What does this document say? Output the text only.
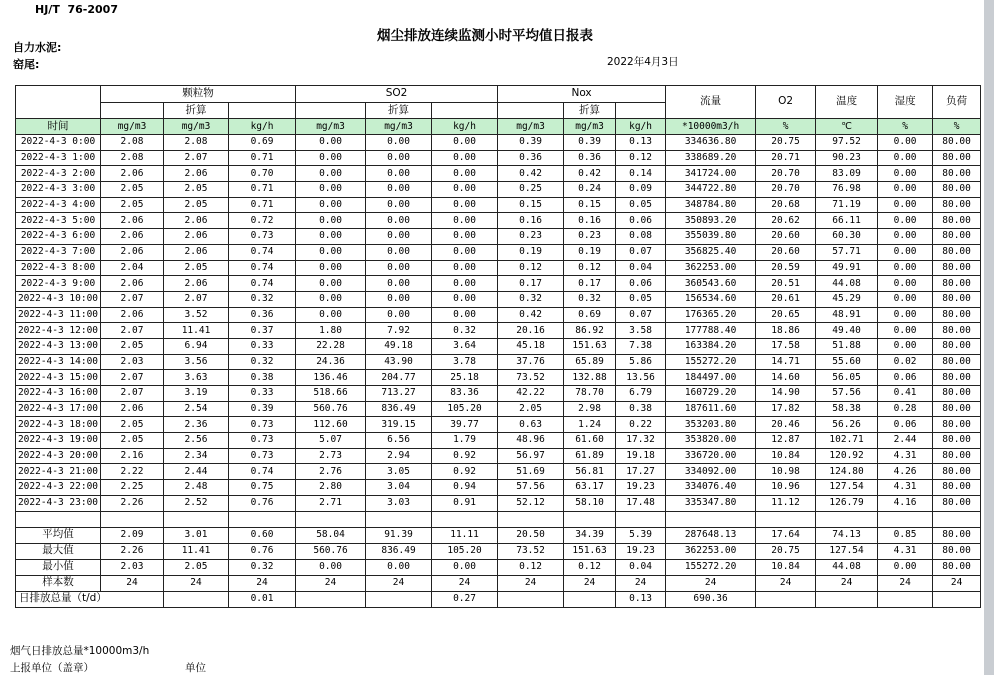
HJ/T  76-2007
烟尘排放连续监测小时平均值日报表
自力水泥:
窑尾:	2022年4月3日
	颗粒物			SO2			Nox			流量	O2	温度	湿度	负荷
		折算			折算			折算						
时间	mg/m3	mg/m3	kg/h	mg/m3	mg/m3	kg/h	mg/m3	mg/m3	kg/h	*10000m3/h	%	℃	%	%
2022-4-3 0:00	2.08	2.08	0.69	0.00	0.00	0.00	0.39	0.39	0.13	334636.80	20.75	97.52	0.00	80.00
2022-4-3 1:00	2.08	2.07	0.71	0.00	0.00	0.00	0.36	0.36	0.12	338689.20	20.71	90.23	0.00	80.00
2022-4-3 2:00	2.06	2.06	0.70	0.00	0.00	0.00	0.42	0.42	0.14	341724.00	20.70	83.09	0.00	80.00
2022-4-3 3:00	2.05	2.05	0.71	0.00	0.00	0.00	0.25	0.24	0.09	344722.80	20.70	76.98	0.00	80.00
2022-4-3 4:00	2.05	2.05	0.71	0.00	0.00	0.00	0.15	0.15	0.05	348784.80	20.68	71.19	0.00	80.00
2022-4-3 5:00	2.06	2.06	0.72	0.00	0.00	0.00	0.16	0.16	0.06	350893.20	20.62	66.11	0.00	80.00
2022-4-3 6:00	2.06	2.06	0.73	0.00	0.00	0.00	0.23	0.23	0.08	355039.80	20.60	60.30	0.00	80.00
2022-4-3 7:00	2.06	2.06	0.74	0.00	0.00	0.00	0.19	0.19	0.07	356825.40	20.60	57.71	0.00	80.00
2022-4-3 8:00	2.04	2.05	0.74	0.00	0.00	0.00	0.12	0.12	0.04	362253.00	20.59	49.91	0.00	80.00
2022-4-3 9:00	2.06	2.06	0.74	0.00	0.00	0.00	0.17	0.17	0.06	360543.60	20.51	44.08	0.00	80.00
2022-4-3 10:00	2.07	2.07	0.32	0.00	0.00	0.00	0.32	0.32	0.05	156534.60	20.61	45.29	0.00	80.00
2022-4-3 11:00	2.06	3.52	0.36	0.00	0.00	0.00	0.42	0.69	0.07	176365.20	20.65	48.91	0.00	80.00
2022-4-3 12:00	2.07	11.41	0.37	1.80	7.92	0.32	20.16	86.92	3.58	177788.40	18.86	49.40	0.00	80.00
2022-4-3 13:00	2.05	6.94	0.33	22.28	49.18	3.64	45.18	151.63	7.38	163384.20	17.58	51.88	0.00	80.00
2022-4-3 14:00	2.03	3.56	0.32	24.36	43.90	3.78	37.76	65.89	5.86	155272.20	14.71	55.60	0.02	80.00
2022-4-3 15:00	2.07	3.63	0.38	136.46	204.77	25.18	73.52	132.88	13.56	184497.00	14.60	56.05	0.06	80.00
2022-4-3 16:00	2.07	3.19	0.33	518.66	713.27	83.36	42.22	78.70	6.79	160729.20	14.90	57.56	0.41	80.00
2022-4-3 17:00	2.06	2.54	0.39	560.76	836.49	105.20	2.05	2.98	0.38	187611.60	17.82	58.38	0.28	80.00
2022-4-3 18:00	2.05	2.36	0.73	112.60	319.15	39.77	0.63	1.24	0.22	353203.80	20.46	56.26	0.06	80.00
2022-4-3 19:00	2.05	2.56	0.73	5.07	6.56	1.79	48.96	61.60	17.32	353820.00	12.87	102.71	2.44	80.00
2022-4-3 20:00	2.16	2.34	0.73	2.73	2.94	0.92	56.97	61.89	19.18	336720.00	10.84	120.92	4.31	80.00
2022-4-3 21:00	2.22	2.44	0.74	2.76	3.05	0.92	51.69	56.81	17.27	334092.00	10.98	124.80	4.26	80.00
2022-4-3 22:00	2.25	2.48	0.75	2.80	3.04	0.94	57.56	63.17	19.23	334076.40	10.96	127.54	4.31	80.00
2022-4-3 23:00	2.26	2.52	0.76	2.71	3.03	0.91	52.12	58.10	17.48	335347.80	11.12	126.79	4.16	80.00

平均值	2.09	3.01	0.60	58.04	91.39	11.11	20.50	34.39	5.39	287648.13	17.64	74.13	0.85	80.00
最大值	2.26	11.41	0.76	560.76	836.49	105.20	73.52	151.63	19.23	362253.00	20.75	127.54	4.31	80.00
最小值	2.03	2.05	0.32	0.00	0.00	0.00	0.12	0.12	0.04	155272.20	10.84	44.08	0.00	80.00
样本数	24	24	24	24	24	24	24	24	24	24	24	24	24	24
日排放总量（t/d）			0.01			0.27			0.13	690.36				
烟气日排放总量*10000m3/h
上报单位（盖章）	单位
